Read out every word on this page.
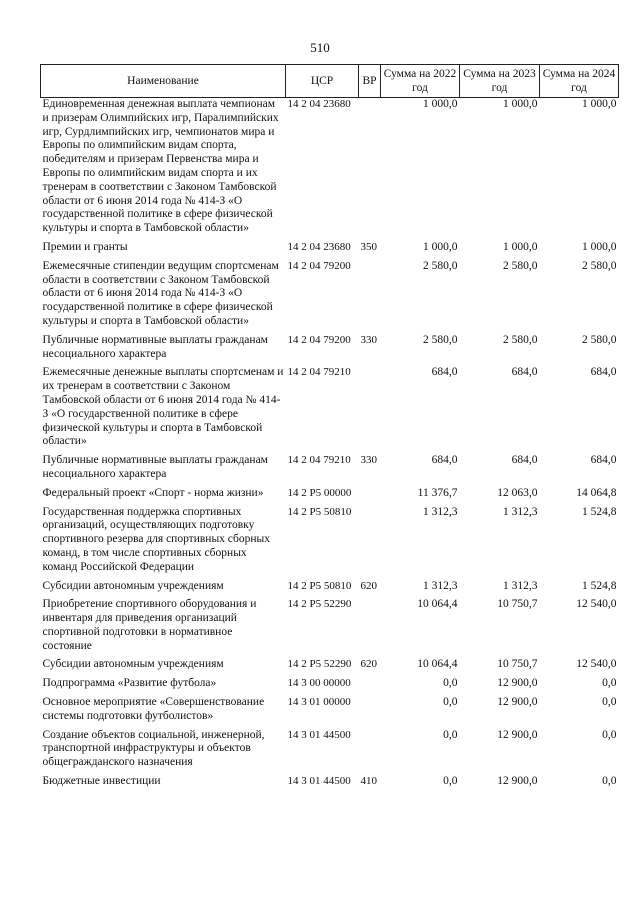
510
Наименование	ЦСР	ВР	Сумма на 2022 год	Сумма на 2023 год	Сумма на 2024 год
Единовременная денежная выплата чемпионам и призерам Олимпийских игр, Паралимпийских игр, Сурдлимпийских игр, чемпионатов мира и Европы по олимпийским видам спорта, победителям и призерам Первенства мира и Европы по олимпийским видам спорта и их тренерам в соответствии с Законом Тамбовской области от 6 июня 2014 года № 414-З «О государственной политике в сфере физической культуры и спорта в Тамбовской области»	14 2 04 23680		1 000,0	1 000,0	1 000,0
Премии и гранты	14 2 04 23680	350	1 000,0	1 000,0	1 000,0
Ежемесячные стипендии ведущим спортсменам области в соответствии с Законом Тамбовской области от 6 июня 2014 года № 414-З «О государственной политике в сфере физической культуры и спорта в Тамбовской области»	14 2 04 79200		2 580,0	2 580,0	2 580,0
Публичные нормативные выплаты гражданам несоциального характера	14 2 04 79200	330	2 580,0	2 580,0	2 580,0
Ежемесячные денежные выплаты спортсменам и их тренерам в соответствии с Законом Тамбовской области от 6 июня 2014 года № 414-З «О государственной политике в сфере физической культуры и спорта в Тамбовской области»	14 2 04 79210		684,0	684,0	684,0
Публичные нормативные выплаты гражданам несоциального характера	14 2 04 79210	330	684,0	684,0	684,0
Федеральный проект «Спорт - норма жизни»	14 2 P5 00000		11 376,7	12 063,0	14 064,8
Государственная поддержка спортивных организаций, осуществляющих подготовку спортивного резерва для спортивных сборных команд, в том числе спортивных сборных команд Российской Федерации	14 2 P5 50810		1 312,3	1 312,3	1 524,8
Субсидии автономным учреждениям	14 2 P5 50810	620	1 312,3	1 312,3	1 524,8
Приобретение спортивного оборудования и инвентаря для приведения организаций спортивной подготовки в нормативное состояние	14 2 P5 52290		10 064,4	10 750,7	12 540,0
Субсидии автономным учреждениям	14 2 P5 52290	620	10 064,4	10 750,7	12 540,0
Подпрограмма «Развитие футбола»	14 3 00 00000		0,0	12 900,0	0,0
Основное мероприятие «Совершенствование системы подготовки футболистов»	14 3 01 00000		0,0	12 900,0	0,0
Создание объектов социальной, инженерной, транспортной инфраструктуры и объектов общегражданского назначения	14 3 01 44500		0,0	12 900,0	0,0
Бюджетные инвестиции	14 3 01 44500	410	0,0	12 900,0	0,0
